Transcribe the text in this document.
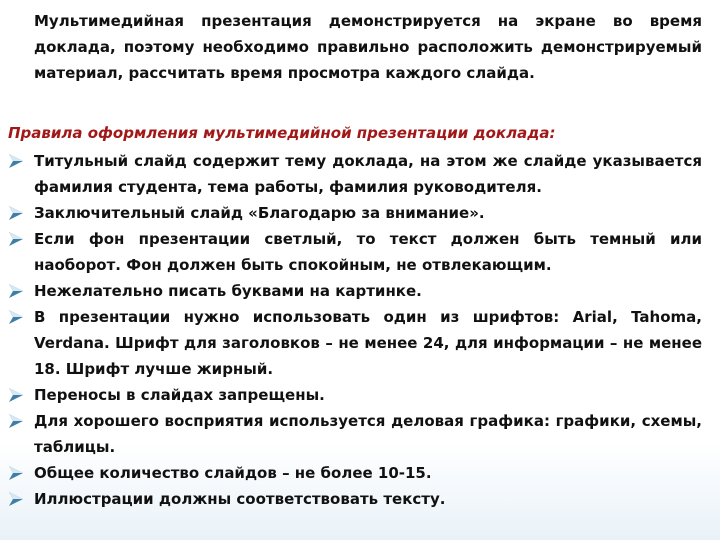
Мультимедийная презентация демонстрируется на экране во время доклада, поэтому необходимо правильно расположить демонстрируемый материал, рассчитать время просмотра каждого слайда.

Правила оформления мультимедийной презентации доклада:

Титульный слайд содержит тему доклада, на этом же слайде указывается фамилия студента, тема работы, фамилия руководителя.
Заключительный слайд «Благодарю за внимание».
Если фон презентации светлый, то текст должен быть темный или наоборот. Фон должен быть спокойным, не отвлекающим.
Нежелательно писать буквами на картинке.
В презентации нужно использовать один из шрифтов: Arial, Tahoma, Verdana. Шрифт для заголовков – не менее 24, для информации – не менее 18. Шрифт лучше жирный.
Переносы в слайдах запрещены.
Для хорошего восприятия используется деловая графика: графики, схемы, таблицы.
Общее количество слайдов – не более 10-15.
Иллюстрации должны соответствовать тексту.
